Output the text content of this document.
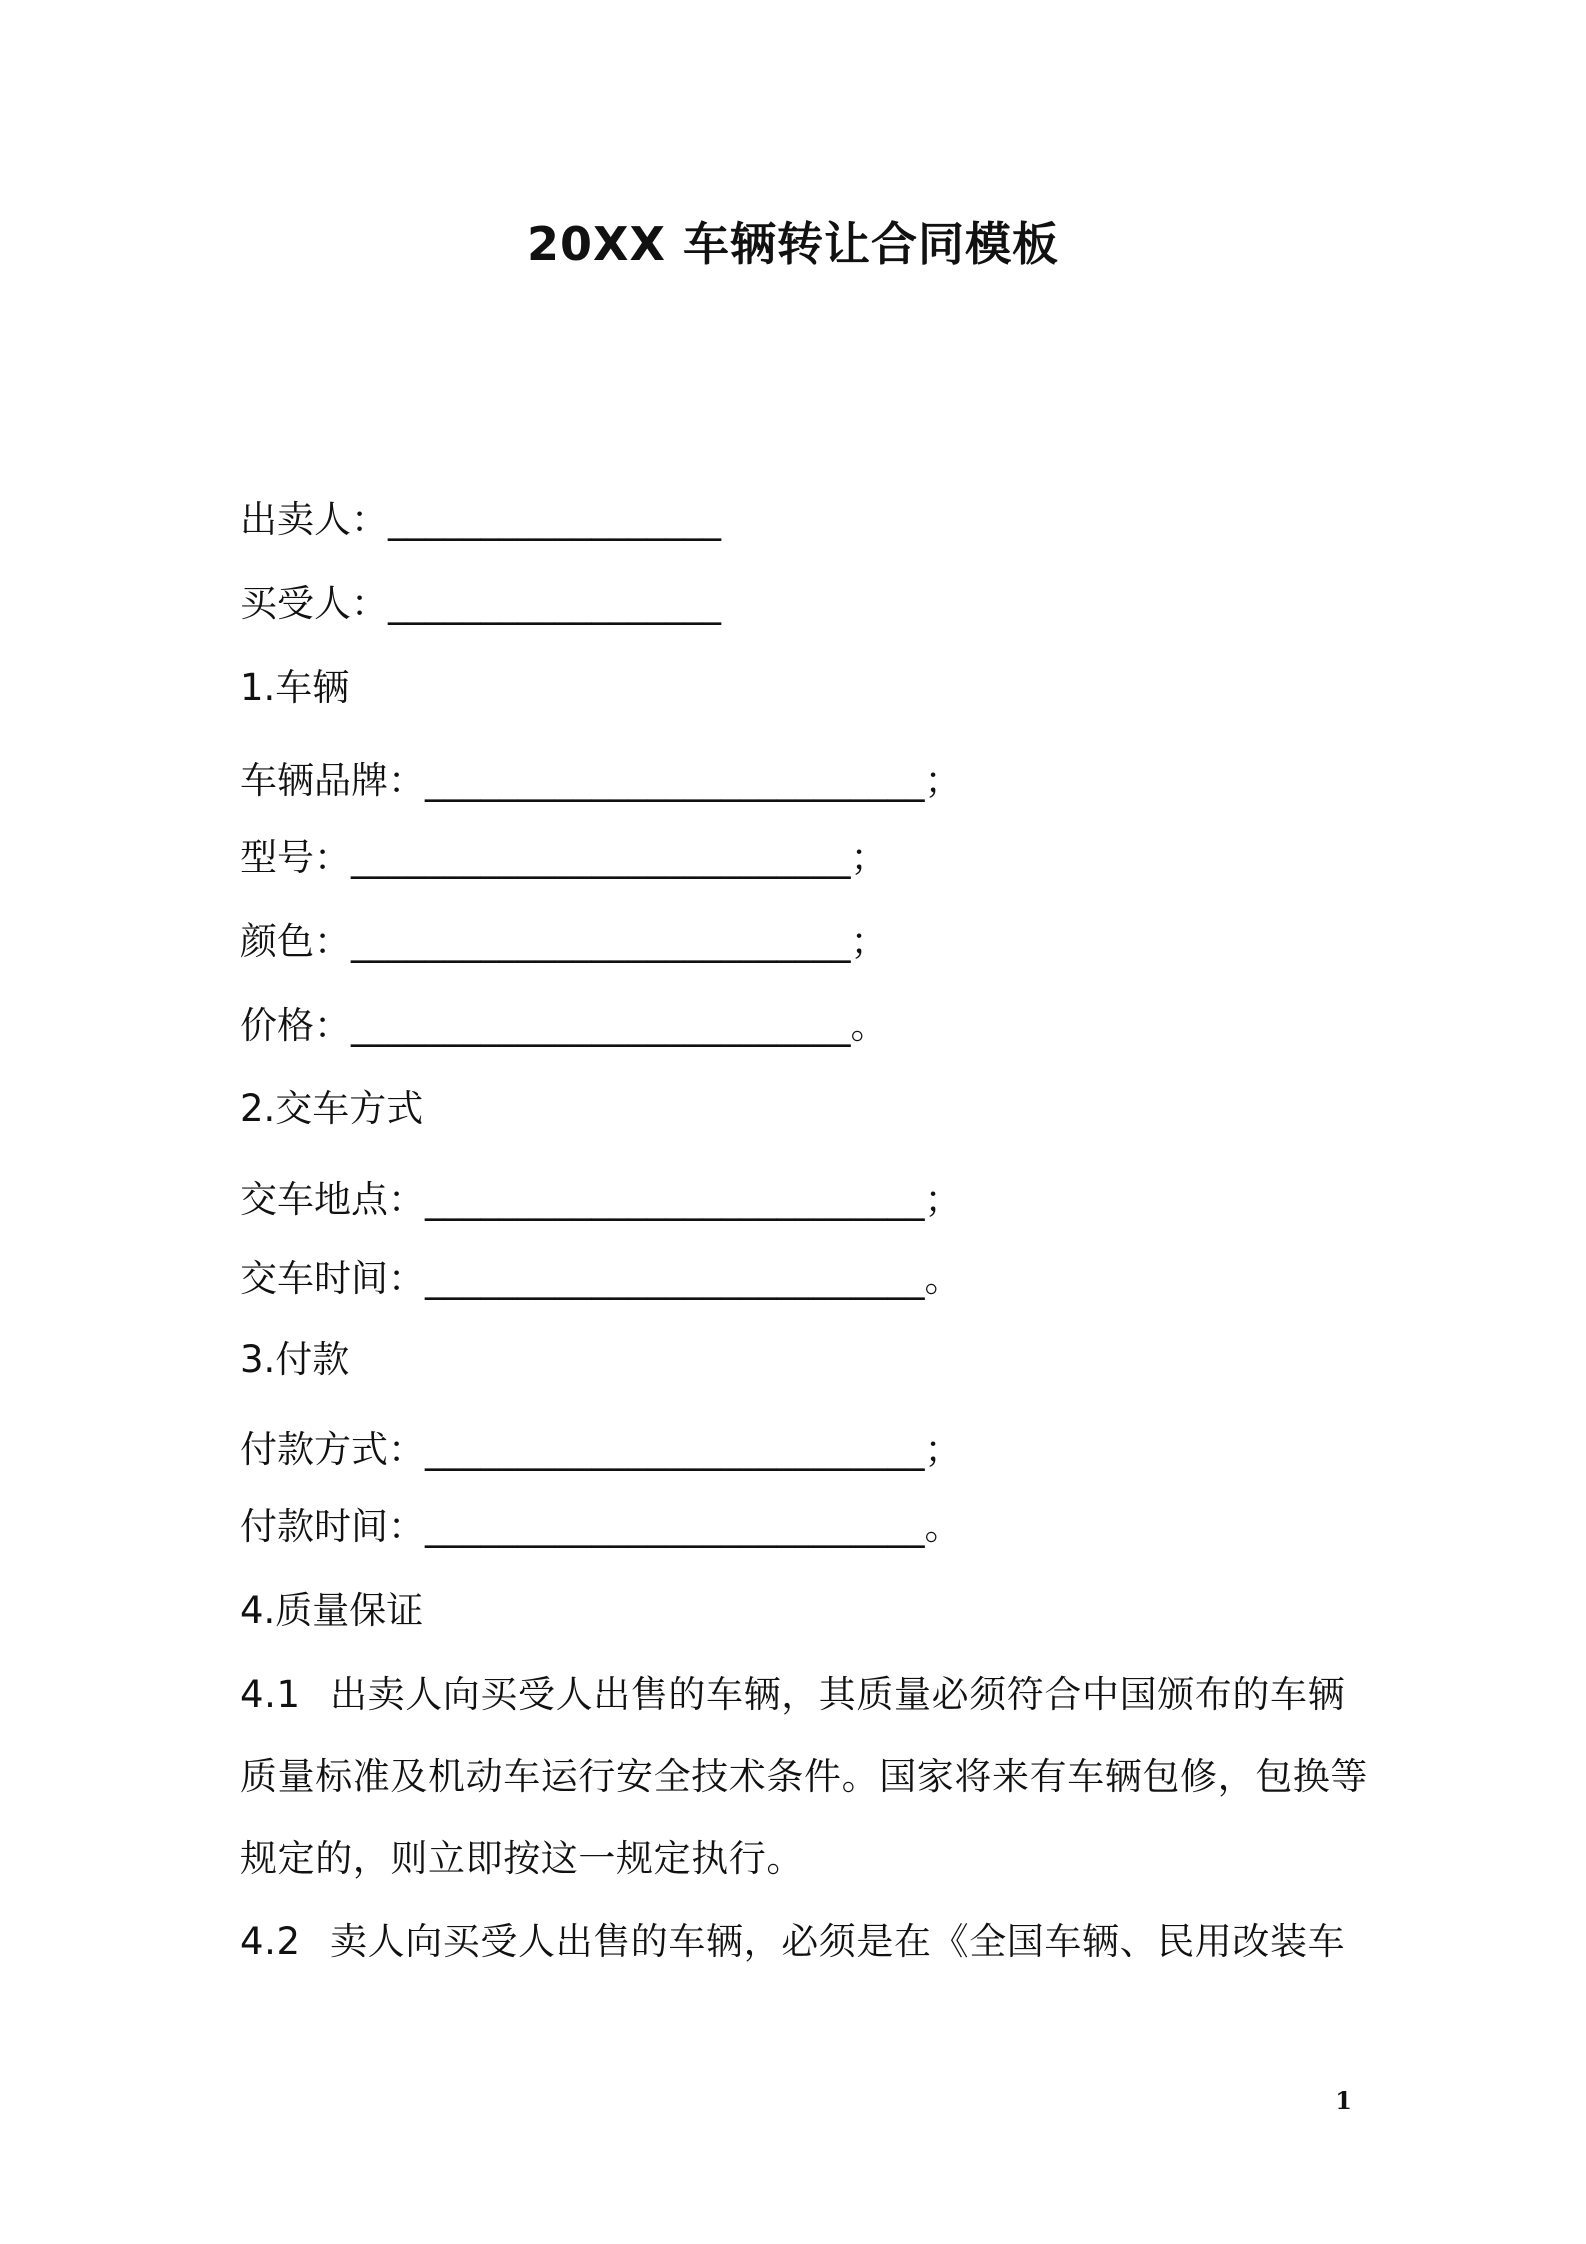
20XX 车辆转让合同模板
出卖人：__________________
买受人：__________________
1.车辆
车辆品牌：___________________________；
型号：___________________________；
颜色：___________________________；
价格：___________________________。
2.交车方式
交车地点：___________________________；
交车时间：___________________________。
3.付款
付款方式：___________________________；
付款时间：___________________________。
4.质量保证
4.1 出卖人向买受人出售的车辆，其质量必须符合中国颁布的车辆
质量标准及机动车运行安全技术条件。国家将来有车辆包修，包换等
规定的，则立即按这一规定执行。
4.2 卖人向买受人出售的车辆，必须是在《全国车辆、民用改装车
1
